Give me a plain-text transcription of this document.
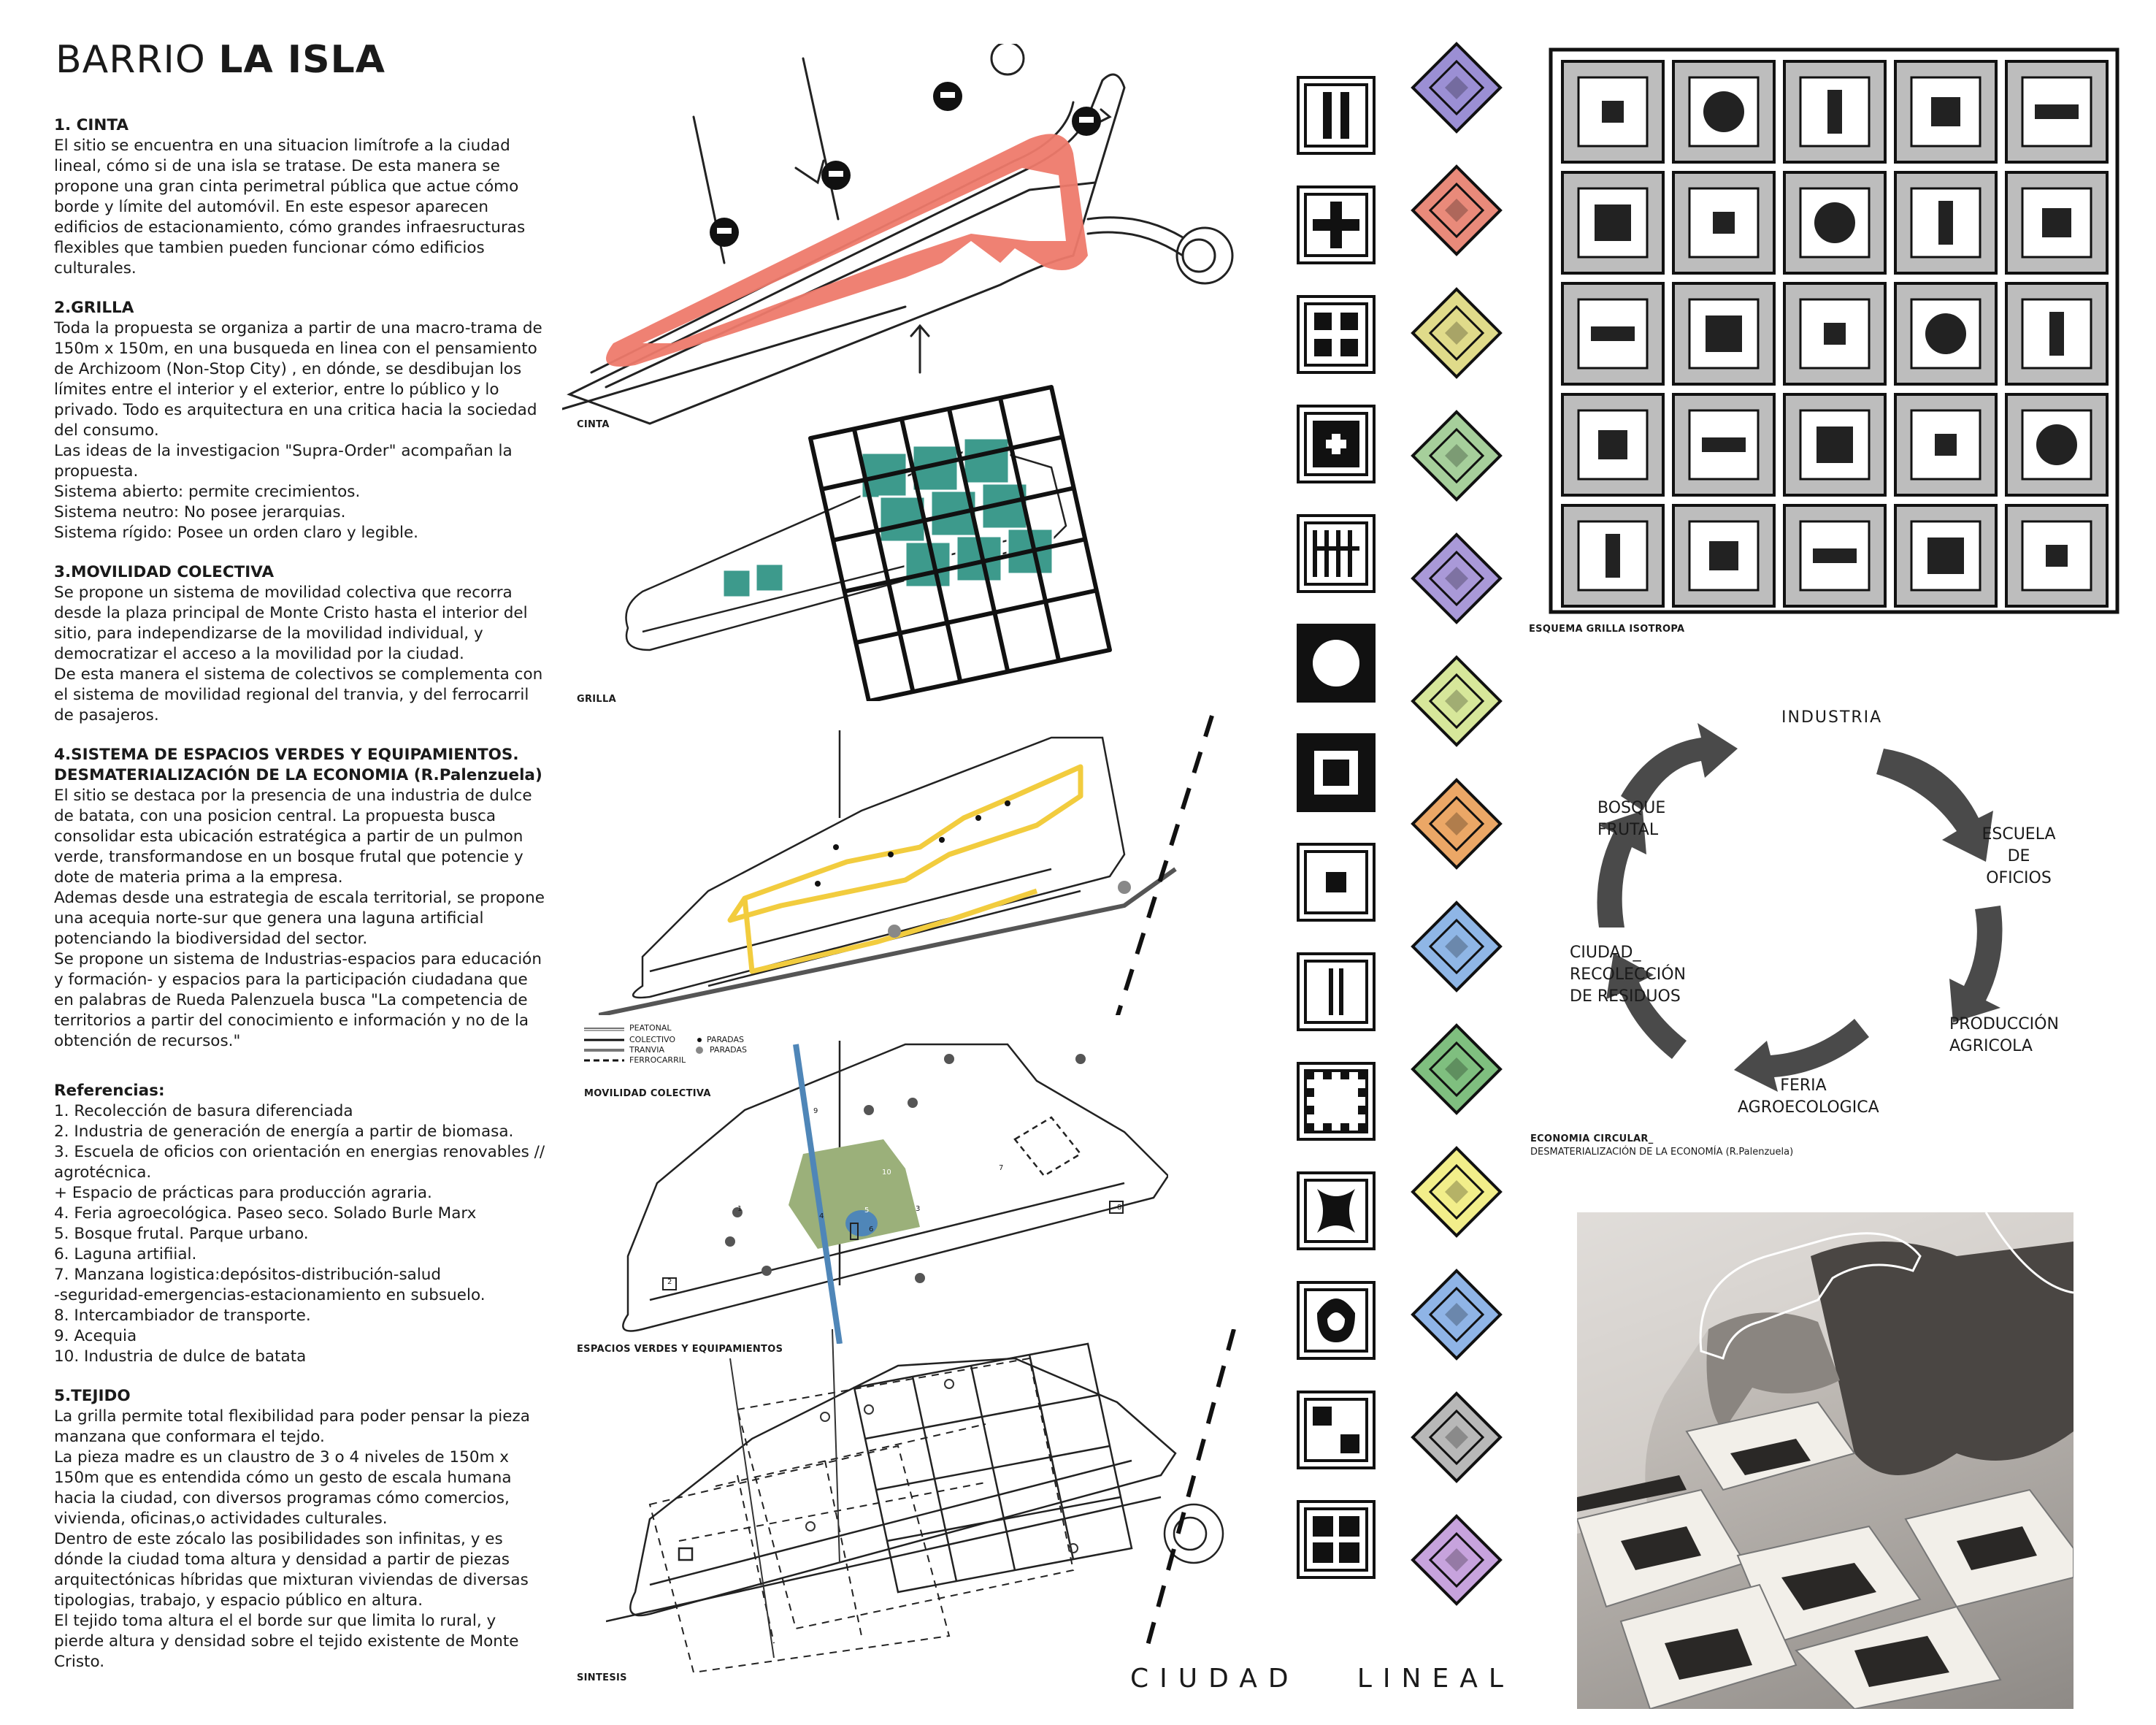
BARRIO LA ISLA
1. CINTA

El sitio se encuentra en una situacion limítrofe a la ciudad lineal, cómo si de una isla se tratase. De esta manera se propone una gran cinta perimetral pública que actue cómo borde y límite del automóvil. En este espesor aparecen edificios de estacionamiento, cómo grandes infraesructuras flexibles que tambien pueden funcionar cómo edificios culturales.

2.GRILLA

Toda la propuesta se organiza a partir de una macro-trama de 150m x 150m, en una busqueda en linea con el pensamiento de Archizoom (Non-Stop City) , en dónde, se desdibujan los límites entre el interior y el exterior, entre lo público y lo privado. Todo es arquitectura en una critica hacia la sociedad del consumo.

Las ideas de la investigacion "Supra-Order" acompañan la propuesta.

Sistema abierto: permite crecimientos.

Sistema neutro: No posee jerarquias.

Sistema rígido: Posee un orden claro y legible.

3.MOVILIDAD COLECTIVA

Se propone un sistema de movilidad colectiva que recorra desde la plaza principal de Monte Cristo hasta el interior del sitio, para independizarse de la movilidad individual, y democratizar el acceso a la movilidad por la ciudad.

De esta manera el sistema de colectivos se complementa con el sistema de movilidad regional del tranvia, y del ferrocarril de pasajeros.

4.SISTEMA DE ESPACIOS VERDES Y EQUIPAMIENTOS. DESMATERIALIZACIÓN DE LA ECONOMIA (R.Palenzuela)

El sitio se destaca por la presencia de una industria de dulce de batata, con una posicion central. La propuesta busca consolidar esta ubicación estratégica a partir de un pulmon verde, transformandose en un bosque frutal que potencie y dote de materia prima a la empresa.

Ademas desde una estrategia de escala territorial, se propone una acequia norte-sur que genera una laguna artificial potenciando la biodiversidad del sector.

Se propone un sistema de Industrias-espacios para educación y formación- y espacios para la participación ciudadana que en palabras de Rueda Palenzuela busca "La competencia de territorios a partir del conocimiento e información y no de la obtención de recursos."

Referencias:
1. Recolección de basura diferenciada
2. Industria de generación de energía a partir de biomasa.
3. Escuela de oficios con orientación en energias renovables // agrotécnica.
+ Espacio de prácticas para producción agraria.
4. Feria agroecológica. Paseo seco. Solado Burle Marx
5. Bosque frutal. Parque urbano.
6. Laguna artifiial.
7. Manzana logistica:depósitos-distribución-salud
-seguridad-emergencias-estacionamiento en subsuelo.
8. Intercambiador de transporte.
9. Acequia
10. Industria de dulce de batata
5.TEJIDO

La grilla permite total flexibilidad para poder pensar la pieza manzana que conformara el tejdo.

La pieza madre es un claustro de 3 o 4 niveles de 150m x 150m que es entendida cómo un gesto de escala humana hacia la ciudad, con diversos programas cómo comercios, vivienda, oficinas,o actividades culturales.

Dentro de este zócalo las posibilidades son infinitas, y es dónde la ciudad toma altura y densidad a partir de piezas arquitectónicas híbridas que mixturan viviendas de diversas tipologias, trabajo, y espacio público en altura.

El tejido toma altura el el borde sur que limita lo rural, y pierde altura y densidad sobre el tejido existente de Monte Cristo.

CINTA
GRILLA
PEATONAL
COLECTIVO
TRANVIA
FERROCARRIL
PARADAS
PARADAS
MOVILIDAD COLECTIVA
1
2
3
4
5
6
7
8
9
10
ESPACIOS VERDES Y EQUIPAMIENTOS
SINTESIS
ESQUEMA GRILLA ISOTROPA
INDUSTRIA
ESCUELA DE OFICIOS
PRODUCCIÓN AGRICOLA
FERIA AGROECOLOGICA
CIUDAD_ RECOLECCIÓN DE RESIDUOS
BOSQUE FRUTAL
ECONOMIA CIRCULAR_
DESMATERIALIZACIÓN DE LA ECONOMÍA (R.Palenzuela)
CIUDAD   LINEAL
